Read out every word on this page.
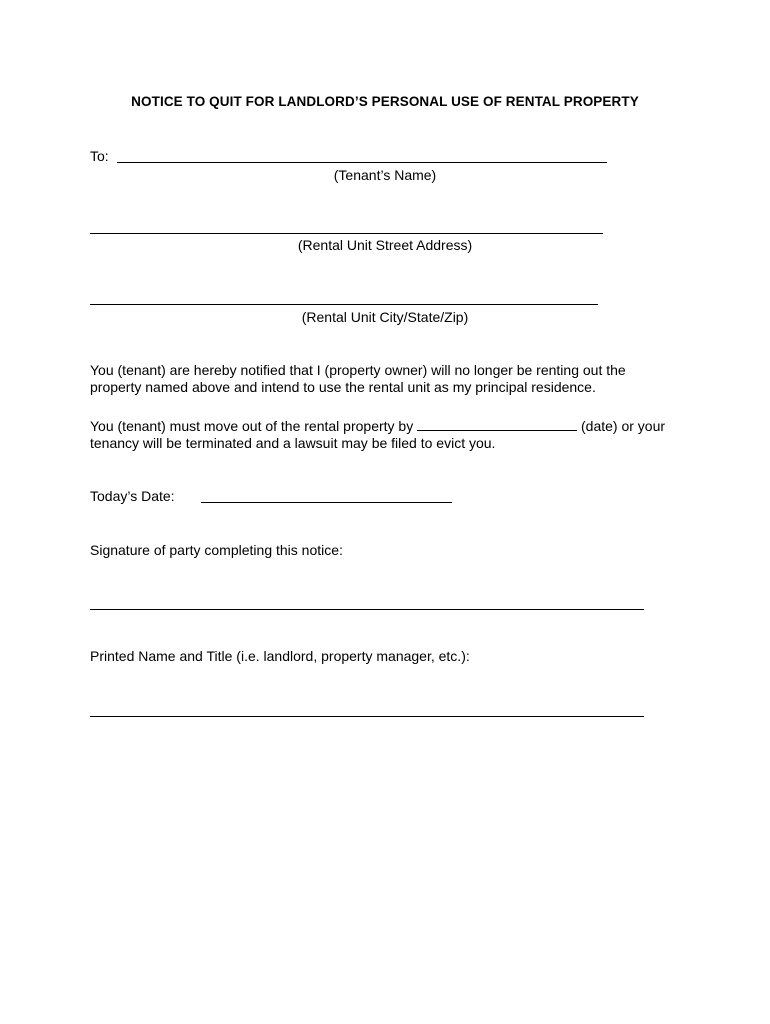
NOTICE TO QUIT FOR LANDLORD’S PERSONAL USE OF RENTAL PROPERTY
To:
(Tenant’s Name)
(Rental Unit Street Address)
(Rental Unit City/State/Zip)
You (tenant) are hereby notified that I (property owner) will no longer be renting out the property named above and intend to use the rental unit as my principal residence.
You (tenant) must move out of the rental property by	(date) or your tenancy will be terminated and a lawsuit may be filed to evict you.
Today’s Date:
Signature of party completing this notice:
Printed Name and Title (i.e. landlord, property manager, etc.):
